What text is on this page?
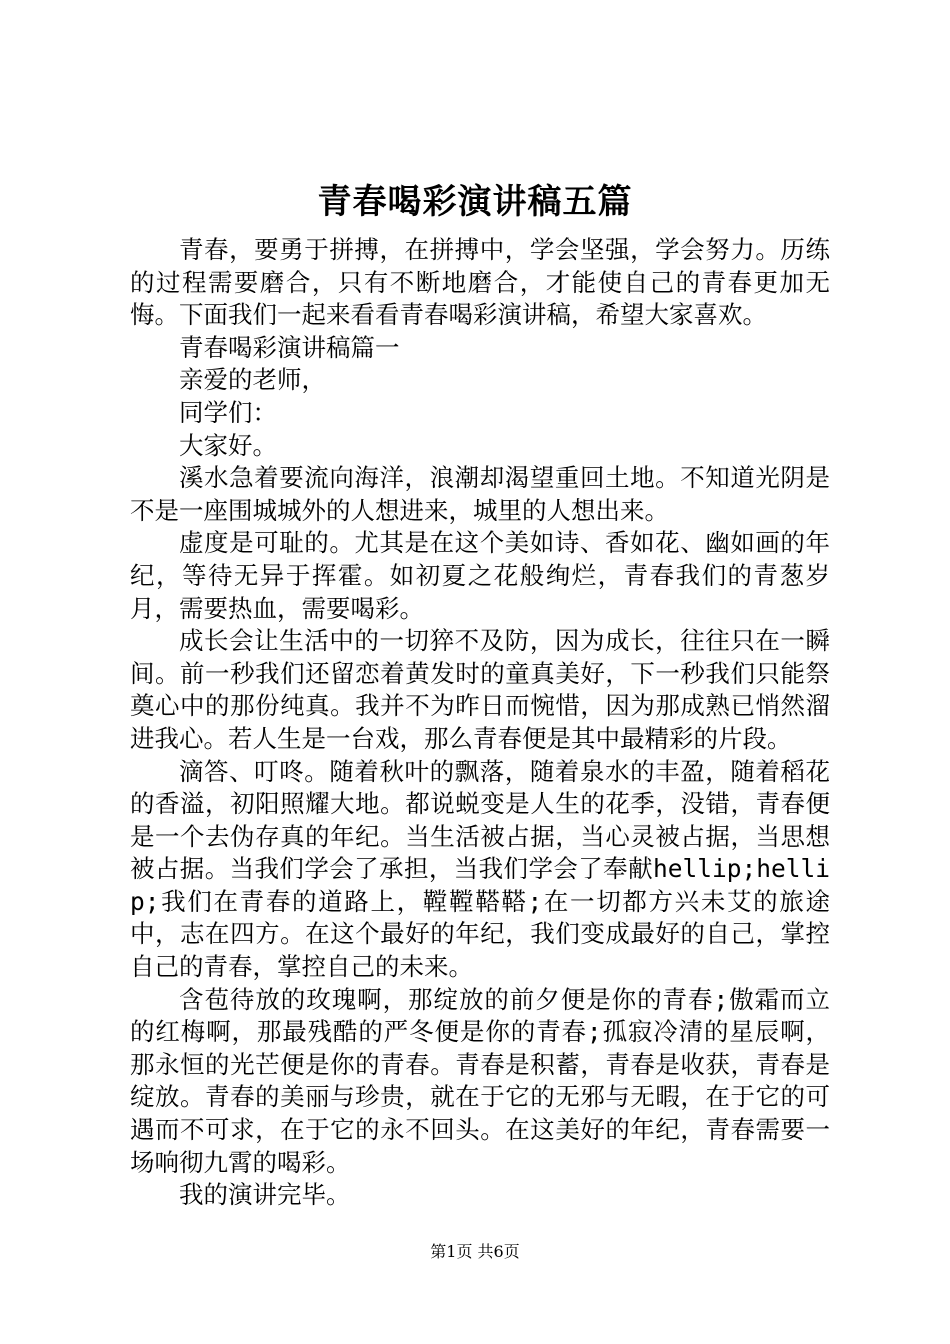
青春喝彩演讲稿五篇

青春，要勇于拼搏，在拼搏中，学会坚强，学会努力。历练的过程需要磨合，只有不断地磨合，才能使自己的青春更加无悔。下面我们一起来看看青春喝彩演讲稿，希望大家喜欢。

青春喝彩演讲稿篇一

亲爱的老师，

同学们：

大家好。

溪水急着要流向海洋，浪潮却渴望重回土地。不知道光阴是不是一座围城城外的人想进来，城里的人想出来。

虚度是可耻的。尤其是在这个美如诗、香如花、幽如画的年纪，等待无异于挥霍。如初夏之花般绚烂，青春我们的青葱岁月，需要热血，需要喝彩。

成长会让生活中的一切猝不及防，因为成长，往往只在一瞬间。前一秒我们还留恋着黄发时的童真美好，下一秒我们只能祭奠心中的那份纯真。我并不为昨日而惋惜，因为那成熟已悄然溜进我心。若人生是一台戏，那么青春便是其中最精彩的片段。

滴答、叮咚。随着秋叶的飘落，随着泉水的丰盈，随着稻花的香溢，初阳照耀大地。都说蜕变是人生的花季，没错，青春便是一个去伪存真的年纪。当生活被占据，当心灵被占据，当思想被占据。当我们学会了承担，当我们学会了奉献hellip;hellip;我们在青春的道路上，鞺鞺鞳鞳;在一切都方兴未艾的旅途中，志在四方。在这个最好的年纪，我们变成最好的自己，掌控自己的青春，掌控自己的未来。

含苞待放的玫瑰啊，那绽放的前夕便是你的青春;傲霜而立的红梅啊，那最残酷的严冬便是你的青春;孤寂冷清的星辰啊，那永恒的光芒便是你的青春。青春是积蓄，青春是收获，青春是绽放。青春的美丽与珍贵，就在于它的无邪与无暇，在于它的可遇而不可求，在于它的永不回头。在这美好的年纪，青春需要一场响彻九霄的喝彩。

我的演讲完毕。

第1页 共6页
